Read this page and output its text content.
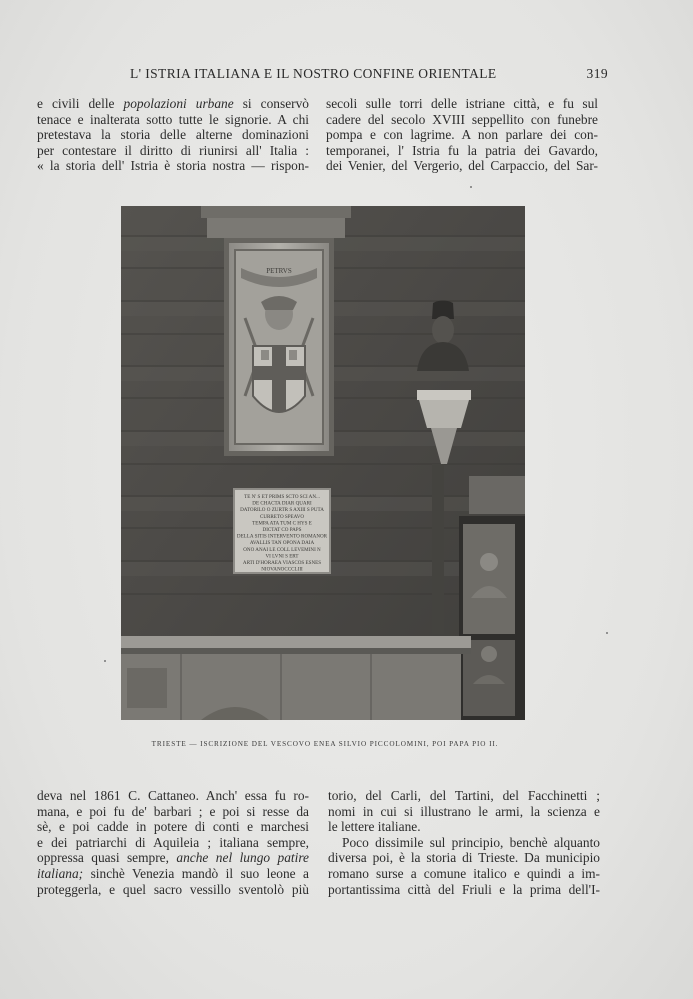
L' ISTRIA ITALIANA E IL NOSTRO CONFINE ORIENTALE	319
e civili delle popolazioni urbane si conservò
tenace e inalterata sotto tutte le signorie. A chi
pretestava la storia delle alterne dominazioni
per contestare il diritto di riunirsi all' Italia :
« la storia dell' Istria è storia nostra — rispon-
secoli sulle torri delle istriane città, e fu sul
cadere del secolo XVIII seppellito con funebre
pompa e con lagrime. A non parlare dei con-
temporanei, l' Istria fu la patria dei Gavardo,
dei Venier, del Vergerio, del Carpaccio, del Sar-
PETRVS
TE N' S ET PRIMS SCTO SCI AN...
DE CHACTA DIAR QUARI
DATORILO O ZURTR S AXIII S PUTA
CURRETO SPEAVO
TEMPA ATA TUM C HYS E
DICTAT CO PAPS
DELLA SITIS INTERVENTO ROMANOR
AVALLIS TAN OPONA DAIA
ONO ANAI LE COLL LEVEMINI N
VI LVNI S ERT
ARTI D'HORAEA VIASCOS ESNES
NIOVANOCCCLIII
TRIESTE — ISCRIZIONE DEL VESCOVO ENEA SILVIO PICCOLOMINI, POI PAPA PIO II.
deva nel 1861 C. Cattaneo. Anch' essa fu ro-
mana, e poi fu de' barbari ; e poi si resse da
sè, e poi cadde in potere di conti e marchesi
e dei patriarchi di Aquileia ; italiana sempre,
oppressa quasi sempre, anche nel lungo patire
italiana; sinchè Venezia mandò il suo leone a
proteggerla, e quel sacro vessillo sventolò più
torio, del Carli, del Tartini, del Facchinetti ;
nomi in cui si illustrano le armi, la scienza e
le lettere italiane.
Poco dissimile sul principio, benchè alquanto
diversa poi, è la storia di Trieste. Da municipio
romano surse a comune italico e quindi a im-
portantissima città del Friuli e la prima dell'I-
